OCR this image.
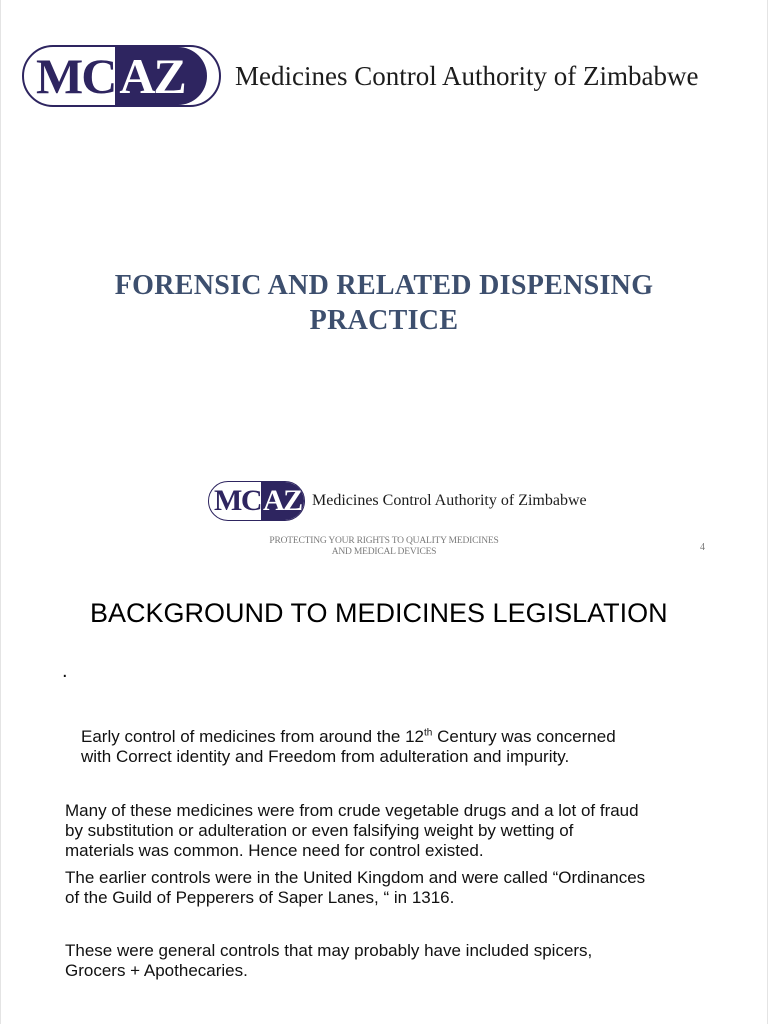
MC AZ	Medicines Control Authority of Zimbabwe
FORENSIC AND RELATED DISPENSING
PRACTICE
MC AZ Medicines Control Authority of Zimbabwe
PROTECTING YOUR RIGHTS TO QUALITY MEDICINES
AND MEDICAL DEVICES	4
BACKGROUND TO MEDICINES LEGISLATION
.
Early control of medicines from around the 12th Century was concerned
with Correct identity and Freedom from adulteration and impurity.
Many of these medicines were from crude vegetable drugs and a lot of fraud
by substitution or adulteration or even falsifying weight by wetting of
materials was common. Hence need for control existed.
The earlier controls were in the United Kingdom and were called “Ordinances
of the Guild of Pepperers of Saper Lanes, “ in 1316.
These were general controls that may probably have included spicers,
Grocers + Apothecaries.
